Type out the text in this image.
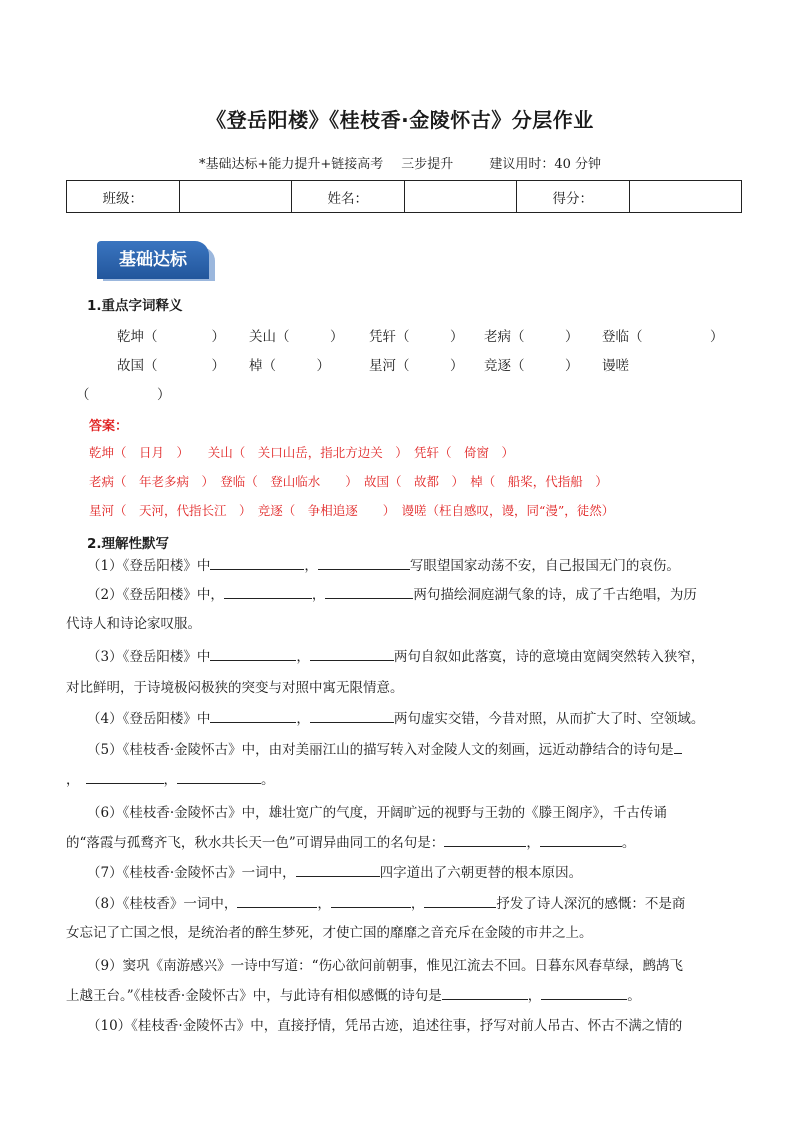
《登岳阳楼》《桂枝香·金陵怀古》分层作业
*基础达标+能力提升+链接高考 三步提升	建议用时：40 分钟
班级：		姓名：		得分：	
基础达标
1.重点字词释义
乾坤（　　　　） 关山（　　　） 凭轩（　　　） 老病（　　　） 登临（　　　　　）
故国（　　　　） 棹（　　　）	星河（　　　） 竞逐（　　　） 谩嗟
（　　　　　）
答案：
乾坤（　日月　）　　关山（　关口山岳，指北方边关　）　凭轩（　倚窗　）
老病（　年老多病　）　登临（　登山临水　　）　故国（　故都　）　棹（　船桨，代指船　）
星河（　天河，代指长江　）　竞逐（　争相追逐　　）　谩嗟（枉自感叹，谩，同“漫”，徒然）
2.理解性默写
（1）《登岳阳楼》中	，	写眼望国家动荡不安，自己报国无门的哀伤。
（2）《登岳阳楼》中，	，	两句描绘洞庭湖气象的诗，成了千古绝唱，为历
代诗人和诗论家叹服。
（3）《登岳阳楼》中	，	两句自叙如此落寞，诗的意境由宽阔突然转入狭窄，
对比鲜明，于诗境极闷极狭的突变与对照中寓无限情意。
（4）《登岳阳楼》中	，	两句虚实交错，今昔对照，从而扩大了时、空领域。
（5）《桂枝香·金陵怀古》中，由对美丽江山的描写转入对金陵人文的刻画，远近动静结合的诗句是
，	，	。
（6）《桂枝香·金陵怀古》中，雄壮宽广的气度，开阔旷远的视野与王勃的《滕王阁序》，千古传诵
的“落霞与孤鹜齐飞，秋水共长天一色”可谓异曲同工的名句是：	，	。
（7）《桂枝香·金陵怀古》一词中，	四字道出了六朝更替的根本原因。
（8）《桂枝香》一词中，	，	，	抒发了诗人深沉的感慨：不是商
女忘记了亡国之恨，是统治者的醉生梦死，才使亡国的靡靡之音充斥在金陵的市井之上。
（9）窦巩《南游感兴》一诗中写道：“伤心欲问前朝事，惟见江流去不回。日暮东风春草绿，鹧鸪飞
上越王台。”《桂枝香·金陵怀古》中，与此诗有相似感慨的诗句是	，	。
（10）《桂枝香·金陵怀古》中，直接抒情，凭吊古迹，追述往事，抒写对前人吊古、怀古不满之情的
